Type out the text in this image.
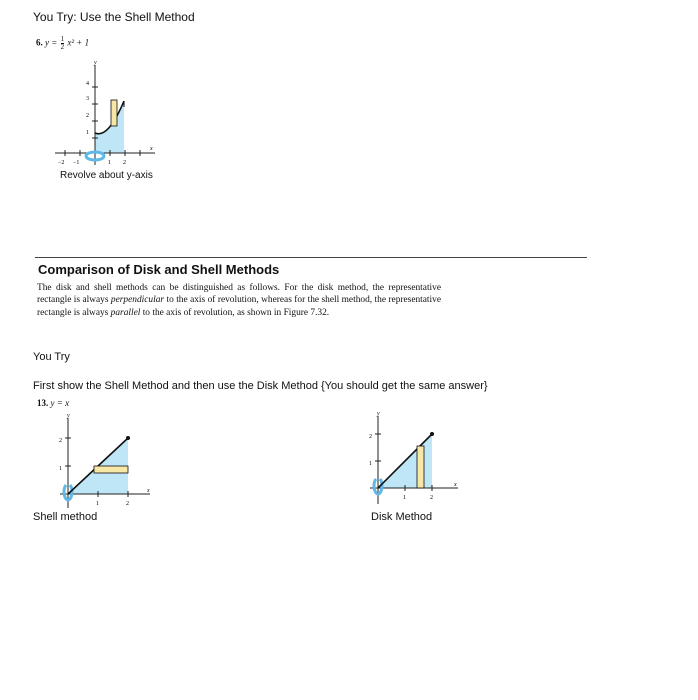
You Try: Use the Shell Method
6. $y = \frac{1}{2} x^2 + 1$
1
2
3
4
y
−2 −1	1 2
x
Revolve about y-axis
Comparison of Disk and Shell Methods
The disk and shell methods can be distinguished as follows. For the disk method, the representative rectangle is always perpendicular to the axis of revolution, whereas for the shell method, the representative rectangle is always parallel to the axis of revolution, as shown in Figure 7.32.
You Try
First show the Shell Method and then use the Disk Method {You should get the same answer}
13. y = x
1
2
y
1	2
x
Shell method
1
2
y
1	2
x
Disk Method
